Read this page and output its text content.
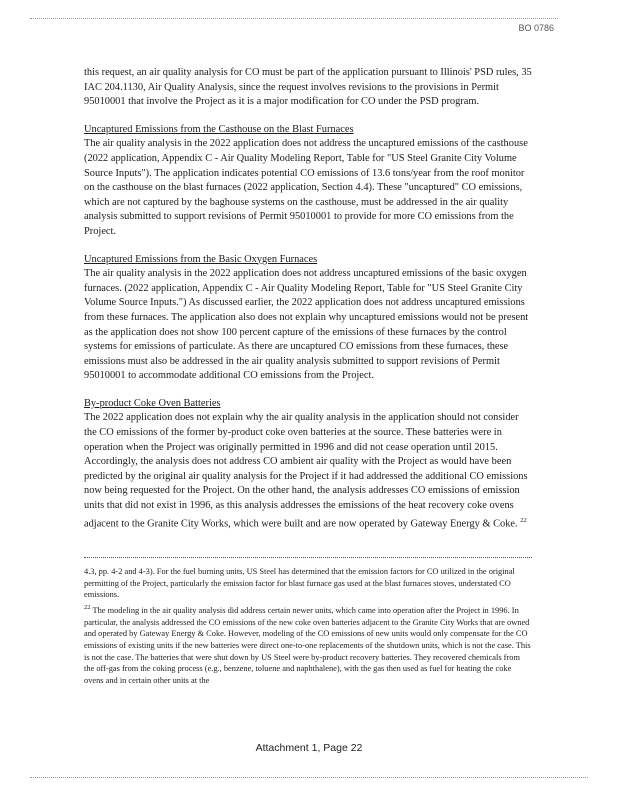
BO 0786

this request, an air quality analysis for CO must be part of the application pursuant to Illinois' PSD rules, 35 IAC 204.1130, Air Quality Analysis, since the request involves revisions to the provisions in Permit 95010001 that involve the Project as it is a major modification for CO under the PSD program.

Uncaptured Emissions from the Casthouse on the Blast Furnaces
The air quality analysis in the 2022 application does not address the uncaptured emissions of the casthouse (2022 application, Appendix C - Air Quality Modeling Report, Table for "US Steel Granite City Volume Source Inputs"). The application indicates potential CO emissions of 13.6 tons/year from the roof monitor on the casthouse on the blast furnaces (2022 application, Section 4.4). These "uncaptured" CO emissions, which are not captured by the baghouse systems on the casthouse, must be addressed in the air quality analysis submitted to support revisions of Permit 95010001 to provide for more CO emissions from the Project.

Uncaptured Emissions from the Basic Oxygen Furnaces
The air quality analysis in the 2022 application does not address uncaptured emissions of the basic oxygen furnaces. (2022 application, Appendix C - Air Quality Modeling Report, Table for "US Steel Granite City Volume Source Inputs.") As discussed earlier, the 2022 application does not address uncaptured emissions from these furnaces. The application also does not explain why uncaptured emissions would not be present as the application does not show 100 percent capture of the emissions of these furnaces by the control systems for emissions of particulate. As there are uncaptured CO emissions from these furnaces, these emissions must also be addressed in the air quality analysis submitted to support revisions of Permit 95010001 to accommodate additional CO emissions from the Project.

By-product Coke Oven Batteries
The 2022 application does not explain why the air quality analysis in the application should not consider the CO emissions of the former by-product coke oven batteries at the source. These batteries were in operation when the Project was originally permitted in 1996 and did not cease operation until 2015. Accordingly, the analysis does not address CO ambient air quality with the Project as would have been predicted by the original air quality analysis for the Project if it had addressed the additional CO emissions now being requested for the Project. On the other hand, the analysis addresses CO emissions of emission units that did not exist in 1996, as this analysis addresses the emissions of the heat recovery coke ovens adjacent to the Granite City Works, which were built and are now operated by Gateway Energy & Coke. $^{22}$

4.3, pp. 4-2 and 4-3). For the fuel burning units, US Steel has determined that the emission factors for CO utilized in the original permitting of the Project, particularly the emission factor for blast furnace gas used at the blast furnaces stoves, understated CO emissions.

$^{22}$ The modeling in the air quality analysis did address certain newer units, which came into operation after the Project in 1996. In particular, the analysis addressed the CO emissions of the new coke oven batteries adjacent to the Granite City Works that are owned and operated by Gateway Energy & Coke. However, modeling of the CO emissions of new units would only compensate for the CO emissions of existing units if the new batteries were direct one-to-one replacements of the shutdown units, which is not the case. This is not the case. The batteries that were shut down by US Steel were by-product recovery batteries. They recovered chemicals from the off-gas from the coking process (e.g., benzene, toluene and naphthalene), with the gas then used as fuel for heating the coke ovens and in certain other units at the

Attachment 1, Page 22
